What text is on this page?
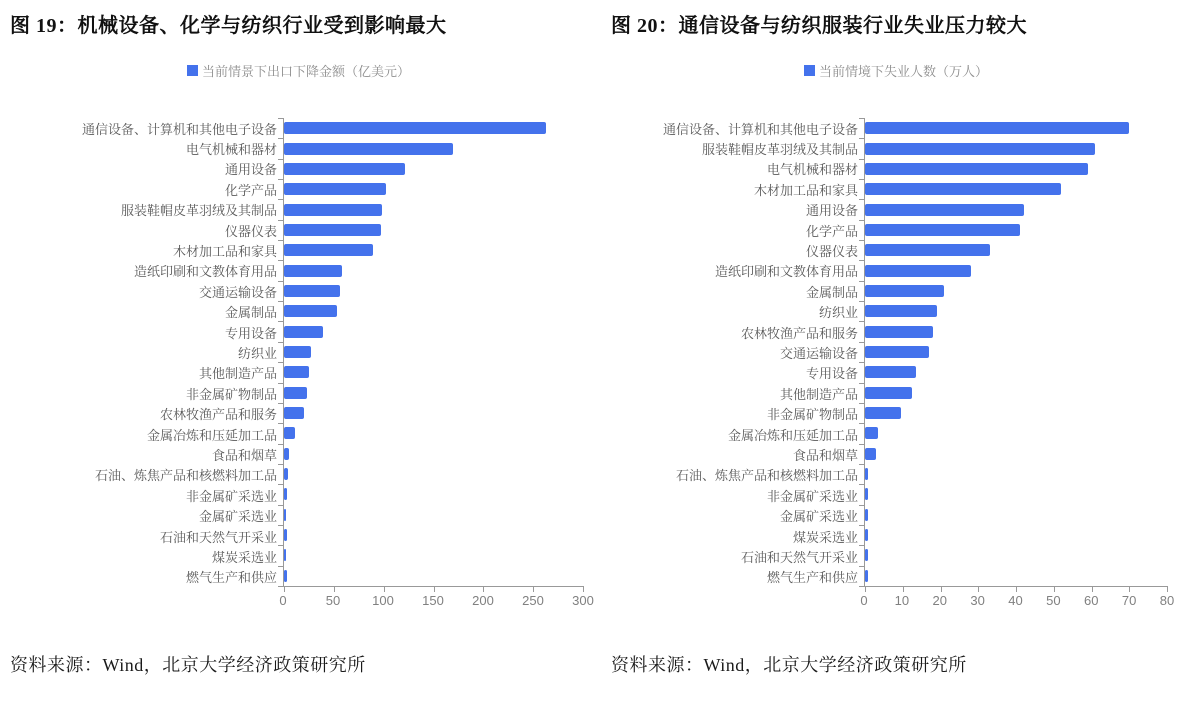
图 19：机械设备、化学与纺织行业受到影响最大
当前情景下出口下降金额（亿美元）
通信设备、计算机和其他电子设备
电气机械和器材
通用设备
化学产品
服装鞋帽皮革羽绒及其制品
仪器仪表
木材加工品和家具
造纸印刷和文教体育用品
交通运输设备
金属制品
专用设备
纺织业
其他制造产品
非金属矿物制品
农林牧渔产品和服务
金属冶炼和压延加工品
食品和烟草
石油、炼焦产品和核燃料加工品
非金属矿采选业
金属矿采选业
石油和天然气开采业
煤炭采选业
燃气生产和供应
0	50 100 150 200 250 300
资料来源：Wind，北京大学经济政策研究所
图 20：通信设备与纺织服装行业失业压力较大
当前情境下失业人数（万人）
通信设备、计算机和其他电子设备
服装鞋帽皮革羽绒及其制品
电气机械和器材
木材加工品和家具
通用设备
化学产品
仪器仪表
造纸印刷和文教体育用品
金属制品
纺织业
农林牧渔产品和服务
交通运输设备
专用设备
其他制造产品
非金属矿物制品
金属冶炼和压延加工品
食品和烟草
石油、炼焦产品和核燃料加工品
非金属矿采选业
金属矿采选业
煤炭采选业
石油和天然气开采业
燃气生产和供应
0 10 20 30 40 50 60 70 80
资料来源：Wind，北京大学经济政策研究所
